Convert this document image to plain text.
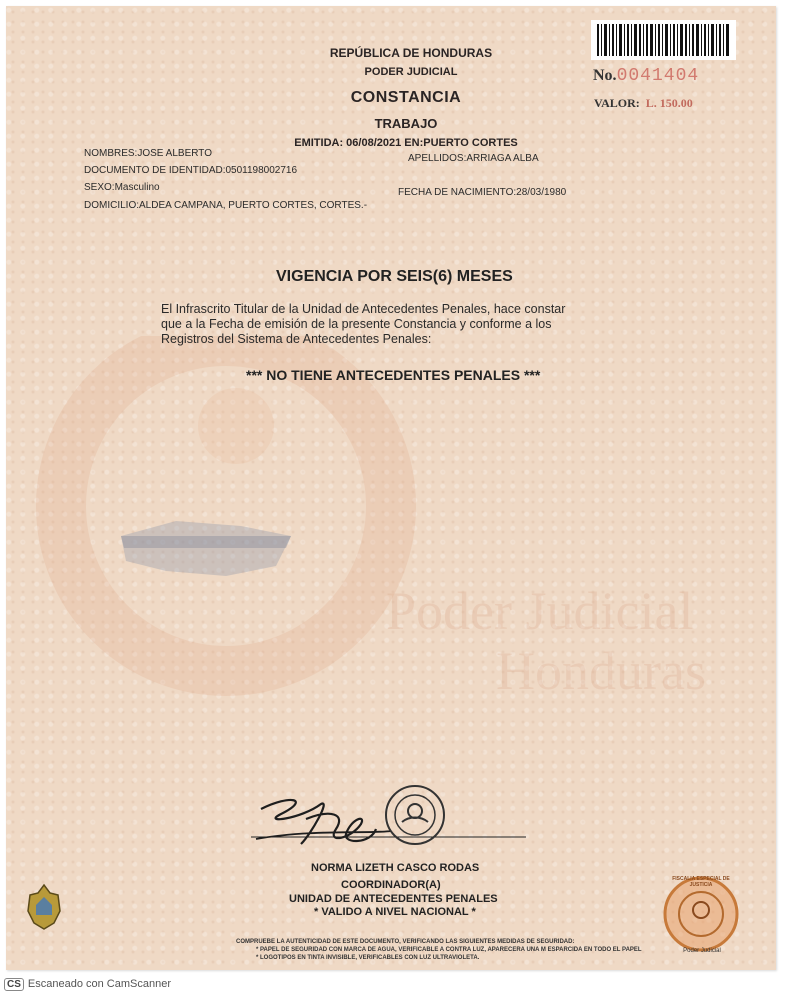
Poder Judicial
Honduras
No.0041404
VALOR: L. 150.00
REPÚBLICA DE HONDURAS
PODER JUDICIAL
CONSTANCIA
TRABAJO
EMITIDA: 06/08/2021 EN:PUERTO CORTES
NOMBRES:JOSE ALBERTO	APELLIDOS:ARRIAGA ALBA
DOCUMENTO DE IDENTIDAD:0501198002716
SEXO:Masculino	FECHA DE NACIMIENTO:28/03/1980
DOMICILIO:ALDEA CAMPANA, PUERTO CORTES, CORTES.-
VIGENCIA POR SEIS(6) MESES
El Infrascrito Titular de la Unidad de Antecedentes Penales, hace constar
que a la Fecha de emisión de la presente Constancia y conforme a los
Registros del Sistema de Antecedentes Penales:
*** NO TIENE ANTECEDENTES PENALES ***
NORMA LIZETH CASCO RODAS
COORDINADOR(A)
UNIDAD DE ANTECEDENTES PENALES
* VALIDO A NIVEL NACIONAL *
COMPRUEBE LA AUTENTICIDAD DE ESTE DOCUMENTO, VERIFICANDO LAS SIGUIENTES MEDIDAS DE SEGURIDAD:
* PAPEL DE SEGURIDAD CON MARCA DE AGUA, VERIFICABLE A CONTRA LUZ, APARECERA UNA M ESPARCIDA EN TODO EL PAPEL
* LOGOTIPOS EN TINTA INVISIBLE, VERIFICABLES CON LUZ ULTRAVIOLETA.
FISCALIA ESPECIAL DE JUSTICIA
Poder Judicial
CS Escaneado con CamScanner
